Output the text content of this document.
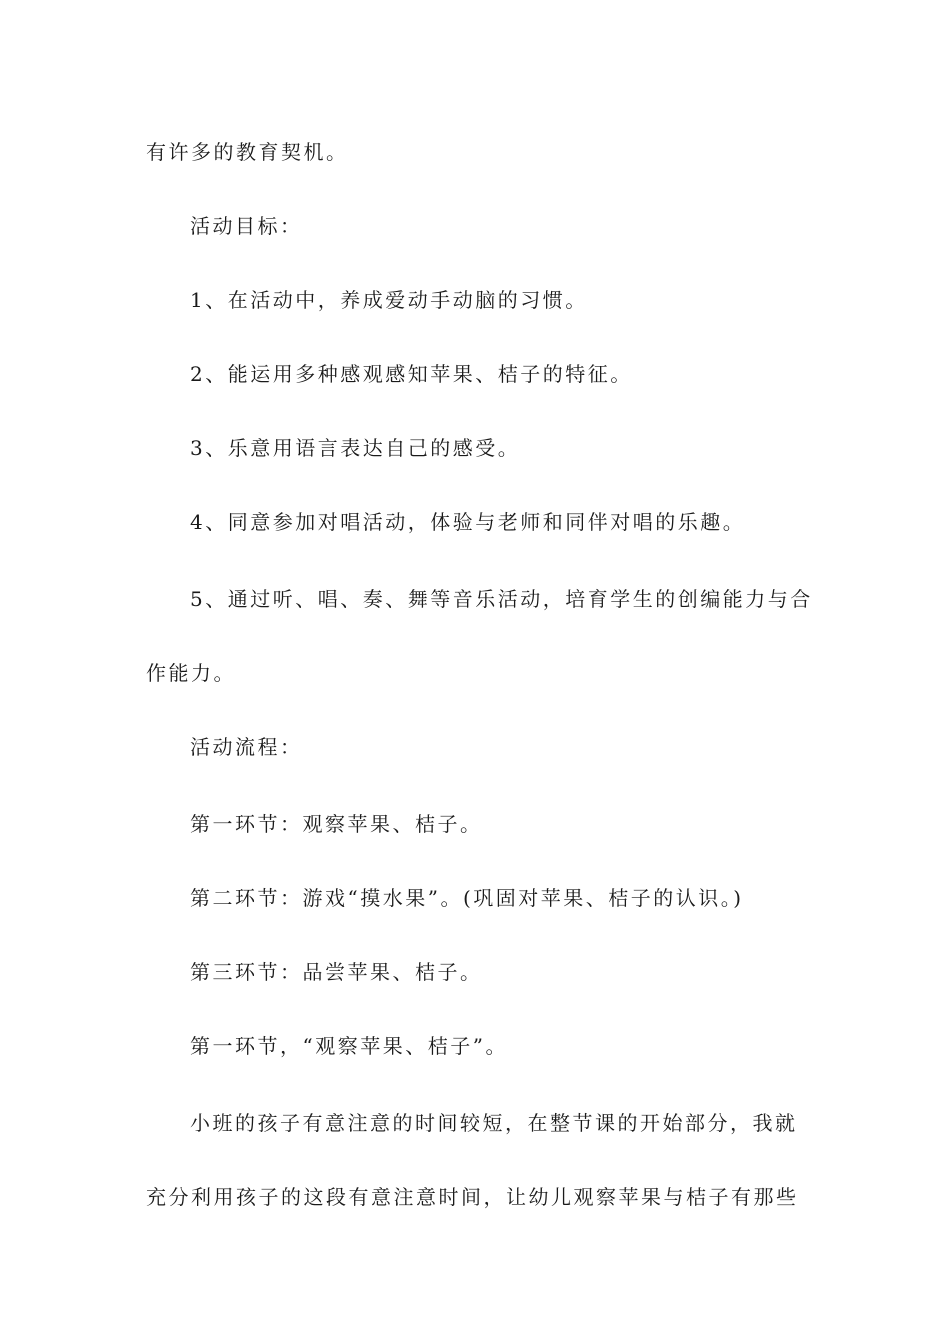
有许多的教育契机。

活动目标：

1、在活动中，养成爱动手动脑的习惯。

2、能运用多种感观感知苹果、桔子的特征。

3、乐意用语言表达自己的感受。

4、同意参加对唱活动，体验与老师和同伴对唱的乐趣。

5、通过听、唱、奏、舞等音乐活动，培育学生的创编能力与合

作能力。

活动流程：

第一环节：观察苹果、桔子。

第二环节：游戏“摸水果”。(巩固对苹果、桔子的认识。)

第三环节：品尝苹果、桔子。

第一环节，“观察苹果、桔子”。

小班的孩子有意注意的时间较短，在整节课的开始部分，我就

充分利用孩子的这段有意注意时间，让幼儿观察苹果与桔子有那些
